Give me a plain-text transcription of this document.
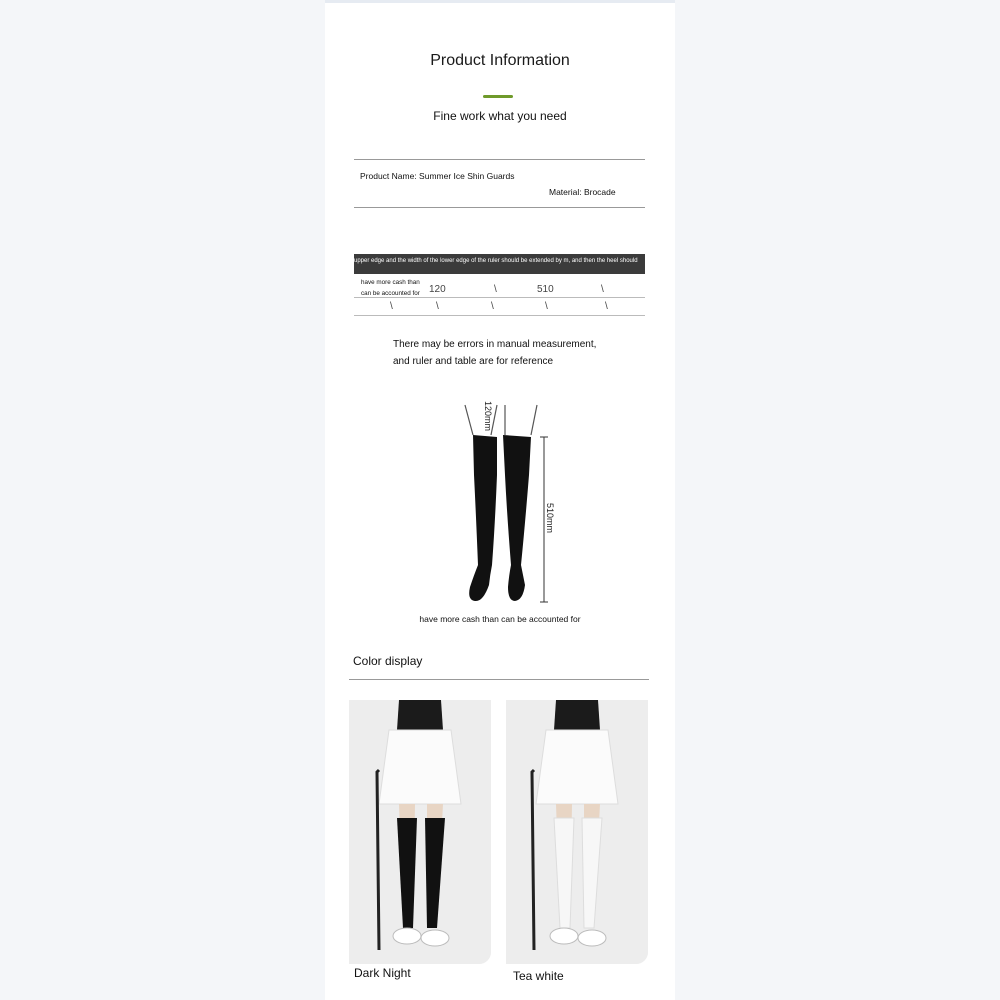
Product Information
Fine work what you need
Product Name: Summer Ice Shin Guards
Material: Brocade
upper edge and the width of the lower edge of the ruler should be extended by m, and then the heel should
have more cash than
can be accounted for 120	\	510	\
\	\	\	\	\
There may be errors in manual measurement,
and ruler and table are for reference
510mm
120mm
have more cash than can be accounted for
Color display
Dark Night	Tea white
